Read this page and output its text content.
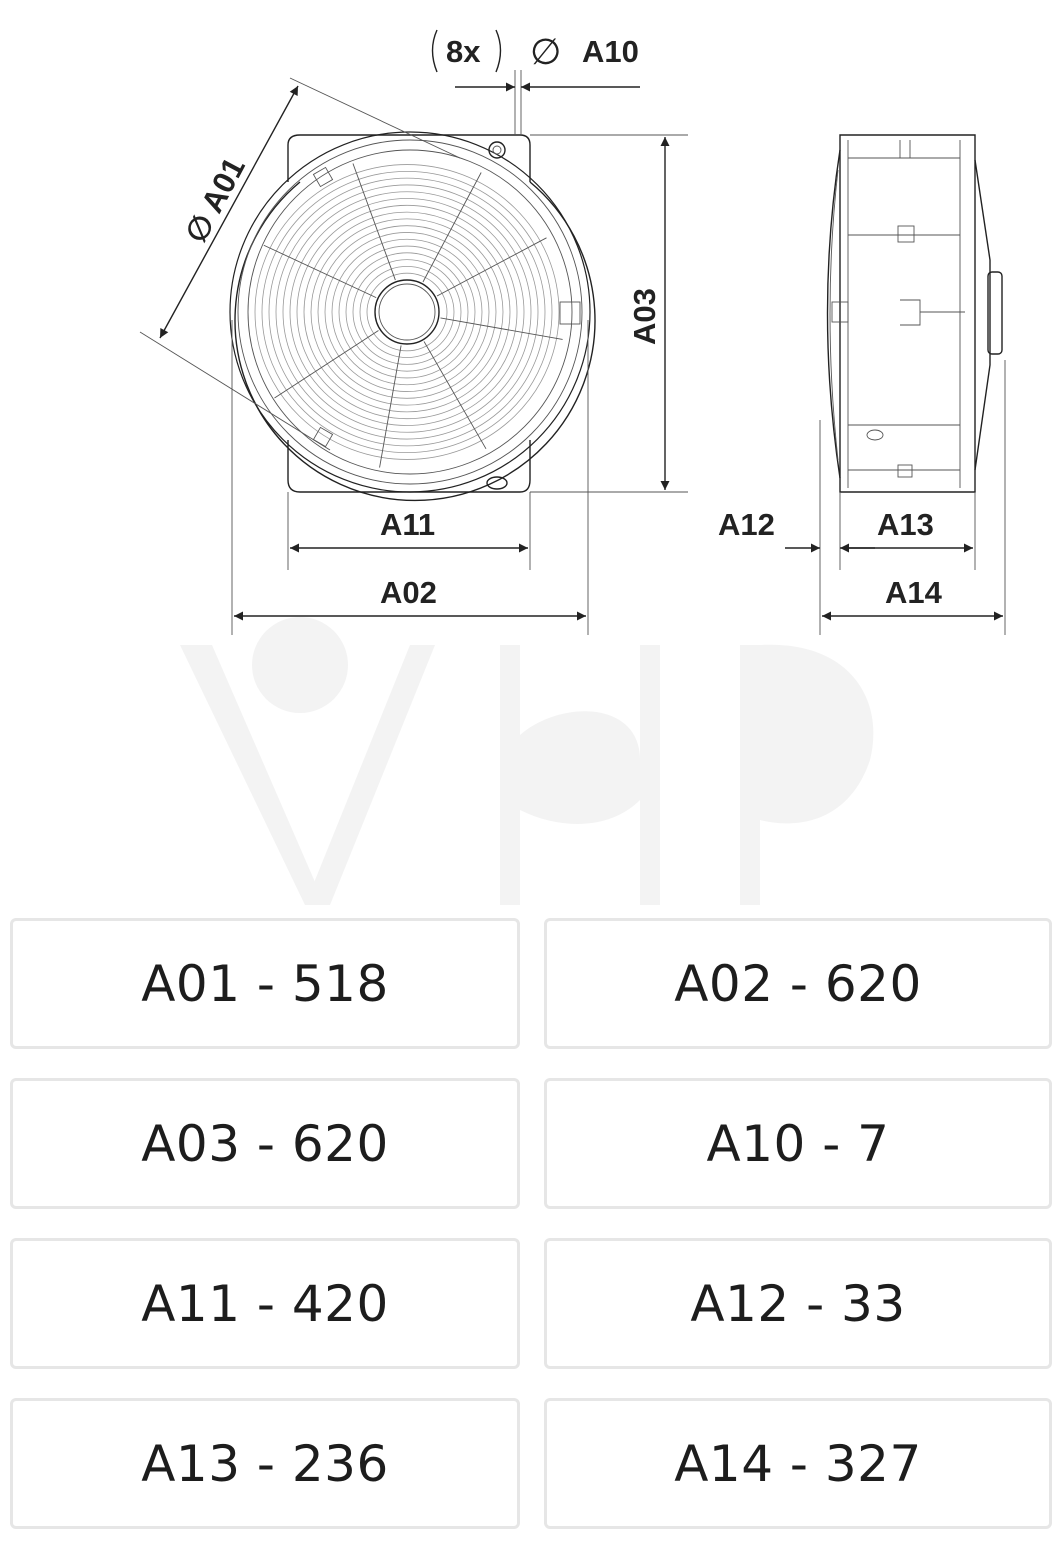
∅ A01
8x ∅ A10
A03
A11
A02
A12	A13
A14
A01 - 518	A02 - 620
A03 - 620	A10 - 7
A11 - 420	A12 - 33
A13 - 236	A14 - 327
